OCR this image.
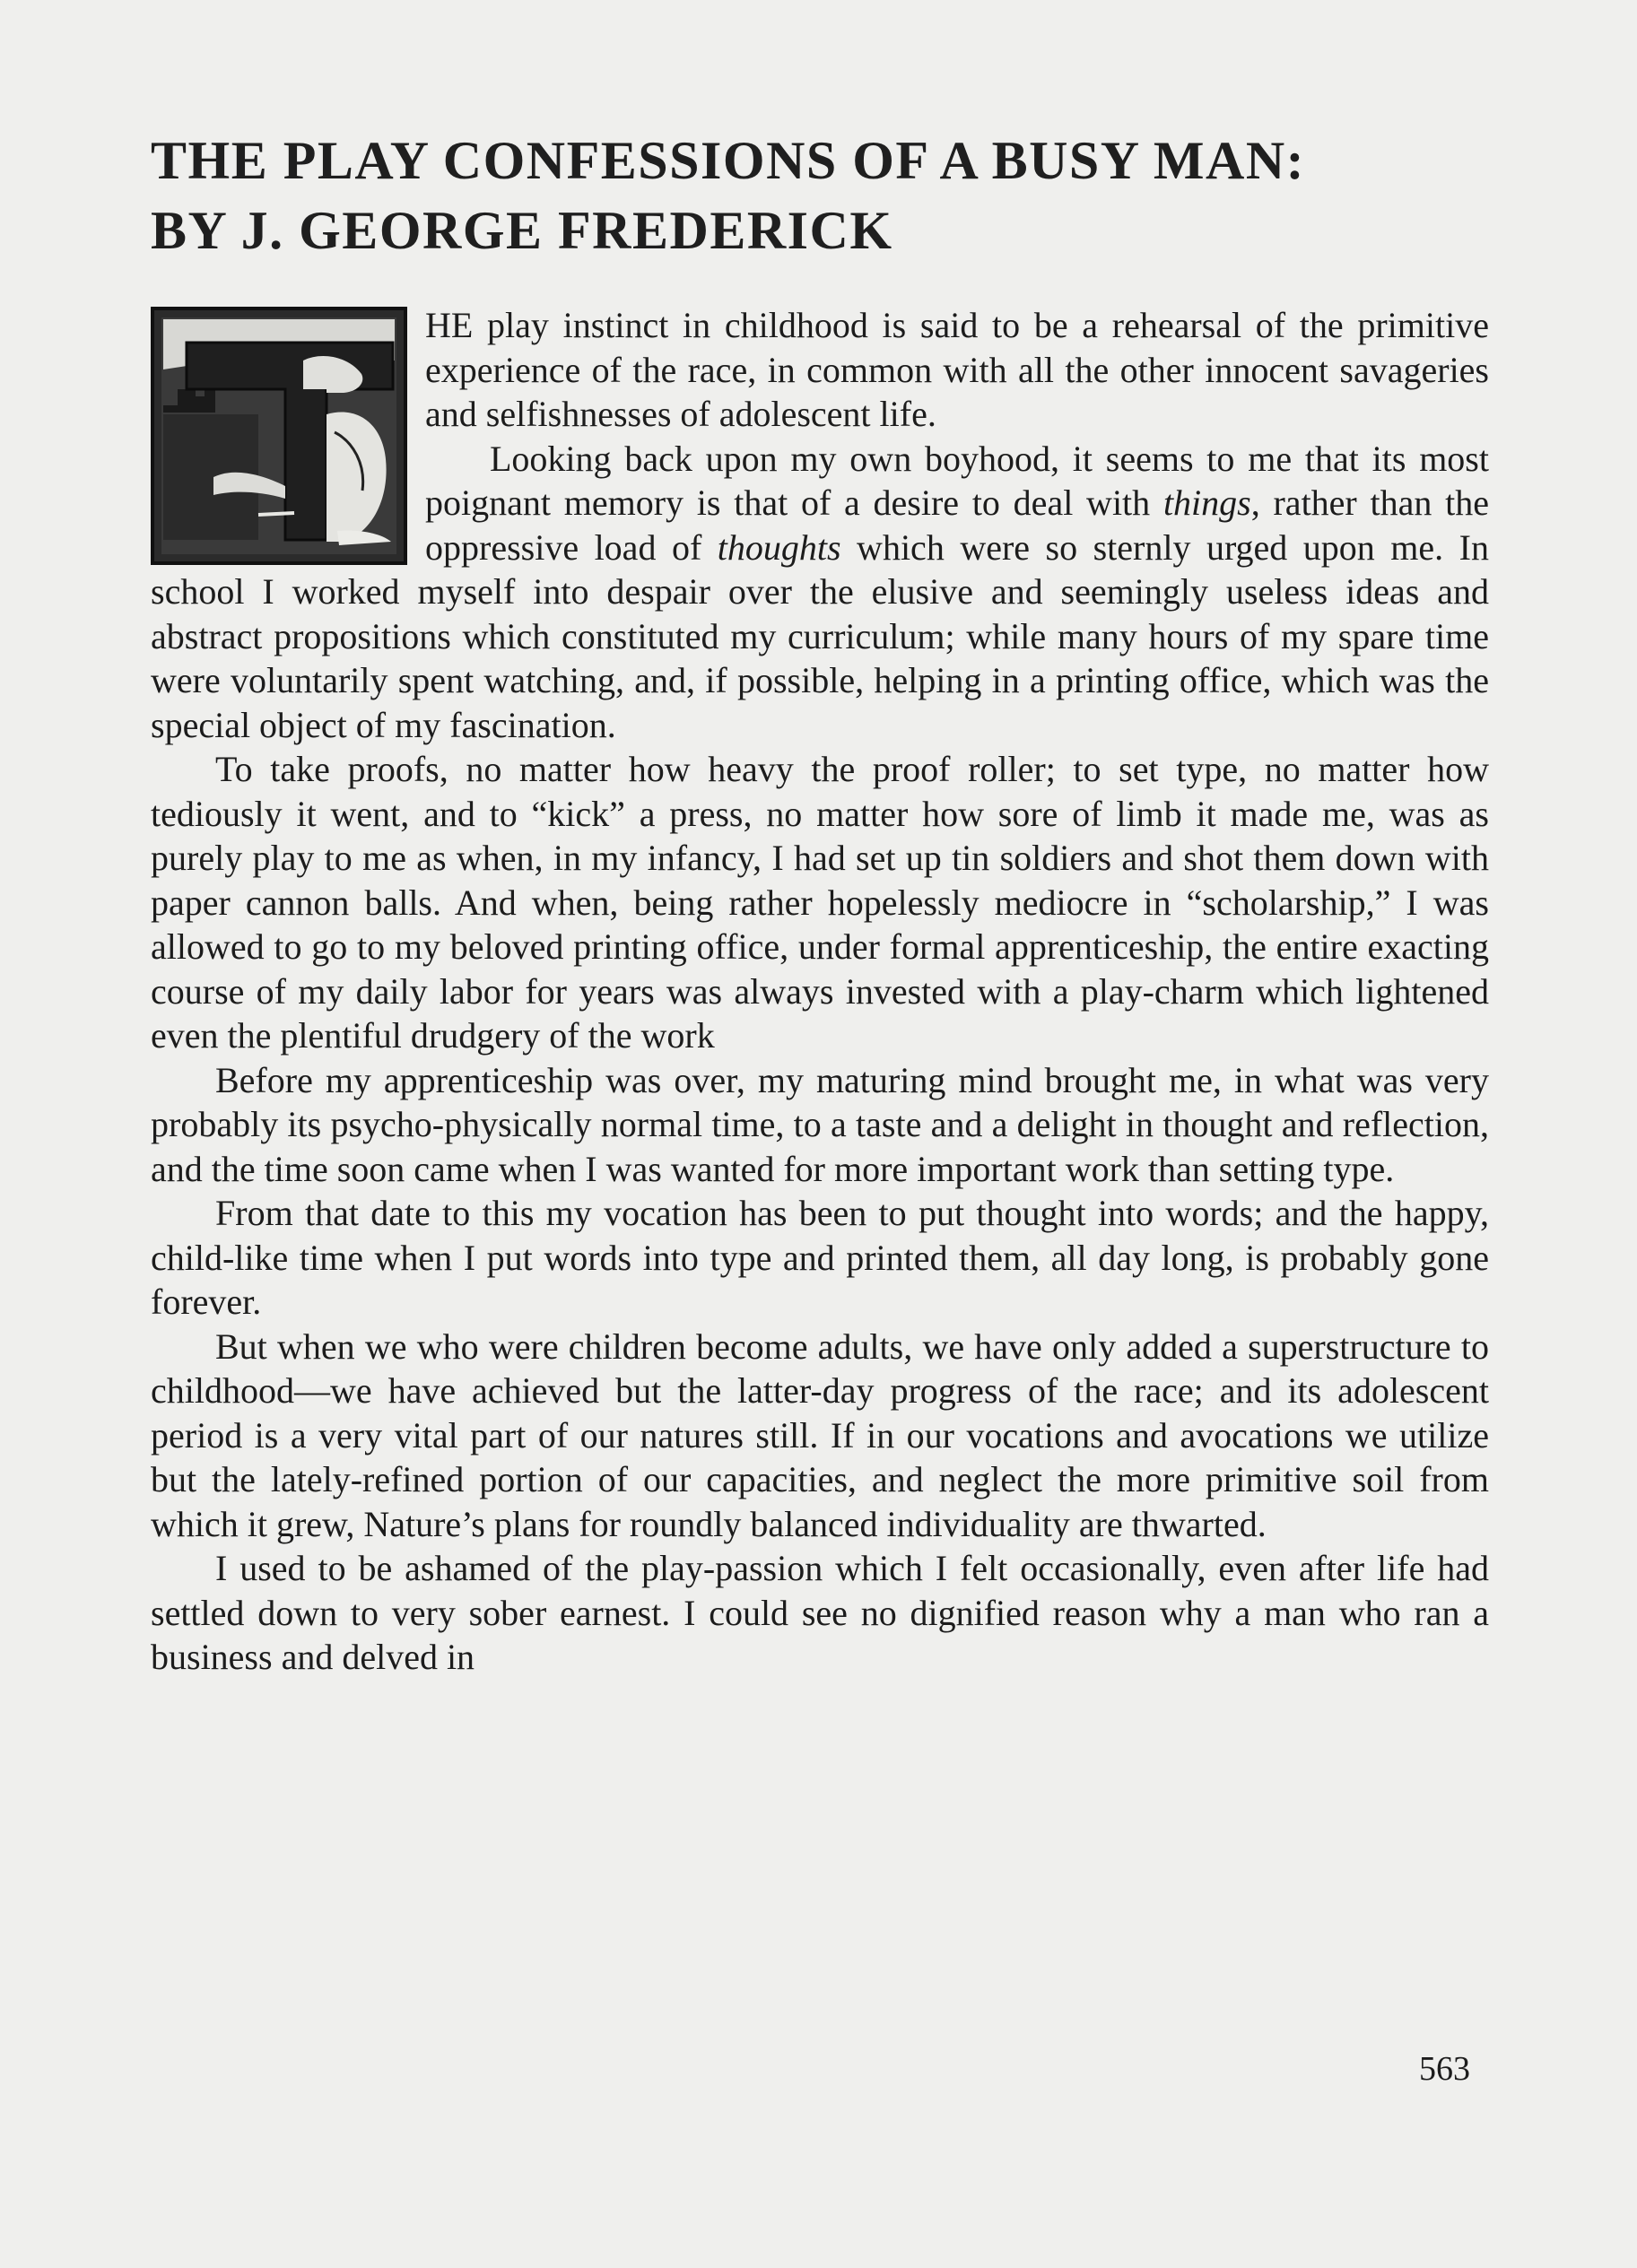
THE PLAY CONFESSIONS OF A BUSY MAN:
BY J. GEORGE FREDERICK

HE play instinct in childhood is said to be a rehearsal of the primitive experience of the race, in common with all the other innocent savageries and selfishnesses of adolescent life.

Looking back upon my own boyhood, it seems to me that its most poignant memory is that of a desire to deal with things, rather than the oppressive load of thoughts which were so sternly urged upon me. In school I worked myself into despair over the elusive and seemingly useless ideas and abstract propositions which constituted my curriculum; while many hours of my spare time were voluntarily spent watching, and, if possible, helping in a printing office, which was the special object of my fascination.

To take proofs, no matter how heavy the proof roller; to set type, no matter how tediously it went, and to “kick” a press, no matter how sore of limb it made me, was as purely play to me as when, in my infancy, I had set up tin soldiers and shot them down with paper cannon balls. And when, being rather hopelessly mediocre in “scholarship,” I was allowed to go to my beloved printing office, under formal apprenticeship, the entire exacting course of my daily labor for years was always invested with a play-charm which lightened even the plentiful drudgery of the work

Before my apprenticeship was over, my maturing mind brought me, in what was very probably its psycho-physically normal time, to a taste and a delight in thought and reflection, and the time soon came when I was wanted for more important work than setting type.

From that date to this my vocation has been to put thought into words; and the happy, child-like time when I put words into type and printed them, all day long, is probably gone forever.

But when we who were children become adults, we have only added a superstructure to childhood—we have achieved but the latter-day progress of the race; and its adolescent period is a very vital part of our natures still. If in our vocations and avocations we utilize but the lately-refined portion of our capacities, and neglect the more primitive soil from which it grew, Nature’s plans for roundly balanced individuality are thwarted.

I used to be ashamed of the play-passion which I felt occasionally, even after life had settled down to very sober earnest. I could see no dignified reason why a man who ran a business and delved in

563
